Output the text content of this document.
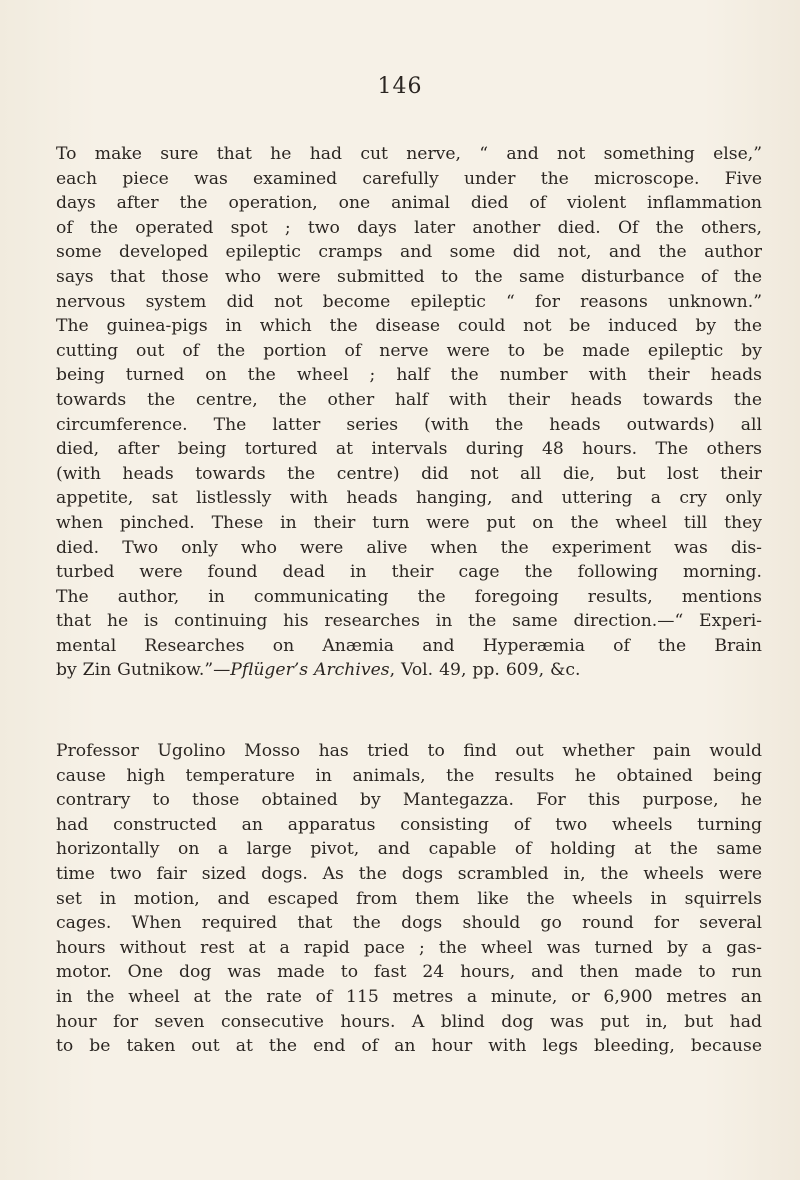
146
To make sure that he had cut nerve, “ and not something else,”
each piece was examined carefully under the microscope. Five
days after the operation, one animal died of violent inflammation
of the operated spot ; two days later another died. Of the others,
some developed epileptic cramps and some did not, and the author
says that those who were submitted to the same disturbance of the
nervous system did not become epileptic “ for reasons unknown.”
The guinea-pigs in which the disease could not be induced by the
cutting out of the portion of nerve were to be made epileptic by
being turned on the wheel ; half the number with their heads
towards the centre, the other half with their heads towards the
circumference. The latter series (with the heads outwards) all
died, after being tortured at intervals during 48 hours. The others
(with heads towards the centre) did not all die, but lost their
appetite, sat listlessly with heads hanging, and uttering a cry only
when pinched. These in their turn were put on the wheel till they
died. Two only who were alive when the experiment was dis-
turbed were found dead in their cage the following morning.
The author, in communicating the foregoing results, mentions
that he is continuing his researches in the same direction.—“ Experi-
mental Researches on Anæmia and Hyperæmia of the Brain
by Zin Gutnikow.”—Pflüger’s Archives, Vol. 49, pp. 609, &c.
Professor Ugolino Mosso has tried to find out whether pain would
cause high temperature in animals, the results he obtained being
contrary to those obtained by Mantegazza. For this purpose, he
had constructed an apparatus consisting of two wheels turning
horizontally on a large pivot, and capable of holding at the same
time two fair sized dogs. As the dogs scrambled in, the wheels were
set in motion, and escaped from them like the wheels in squirrels
cages. When required that the dogs should go round for several
hours without rest at a rapid pace ; the wheel was turned by a gas-
motor. One dog was made to fast 24 hours, and then made to run
in the wheel at the rate of 115 metres a minute, or 6,900 metres an
hour for seven consecutive hours. A blind dog was put in, but had
to be taken out at the end of an hour with legs bleeding, because
